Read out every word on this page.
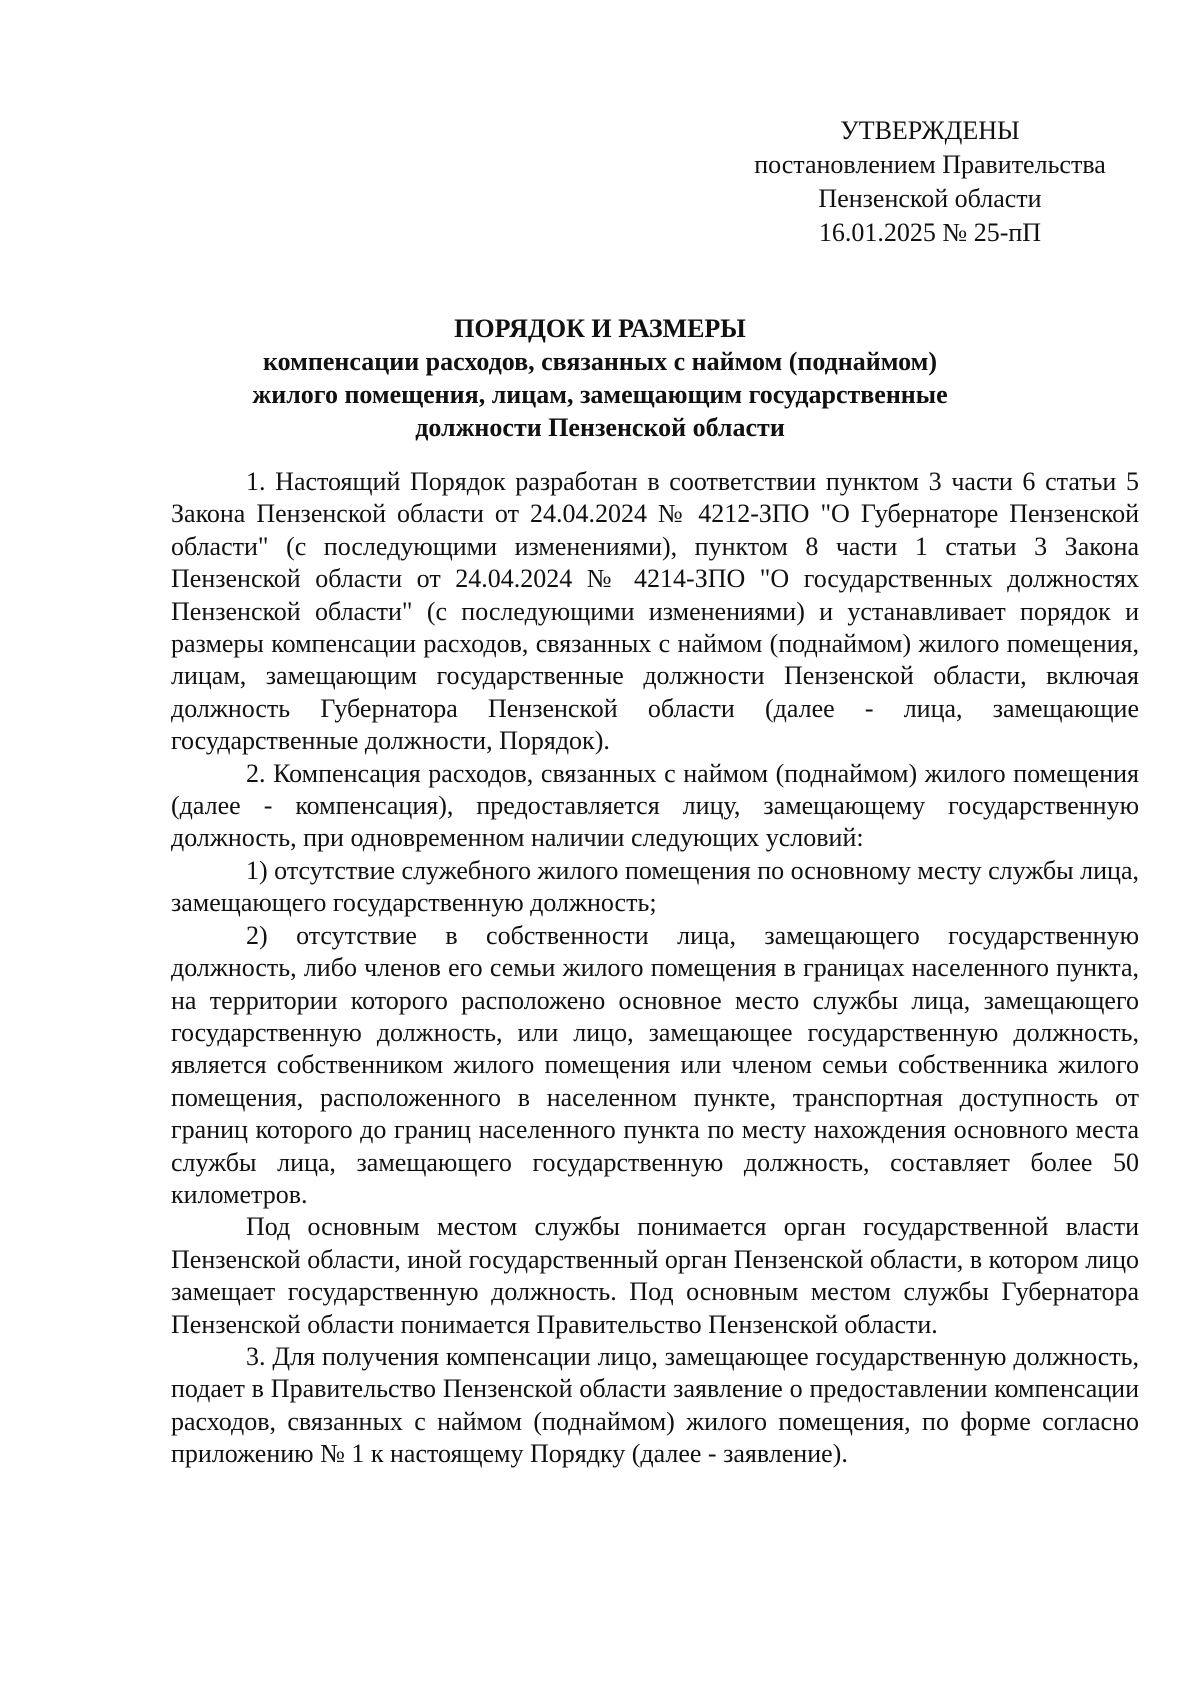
УТВЕРЖДЕНЫ
постановлением Правительства
Пензенской области
16.01.2025 № 25-пП
ПОРЯДОК И РАЗМЕРЫ
компенсации расходов, связанных с наймом (поднаймом)
жилого помещения, лицам, замещающим государственные
должности Пензенской области

1. Настоящий Порядок разработан в соответствии пунктом 3 части 6 статьи 5 Закона Пензенской области от 24.04.2024 № 4212-ЗПО "О Губернаторе Пензенской области" (с последующими изменениями), пунктом 8 части 1 статьи 3 Закона Пензенской области от 24.04.2024 № 4214-ЗПО "О государственных должностях Пензенской области" (с последующими изменениями) и устанавливает порядок и размеры компенсации расходов, связанных с наймом (поднаймом) жилого помещения, лицам, замещающим государственные должности Пензенской области, включая должность Губернатора Пензенской области (далее - лица, замещающие государственные должности, Порядок).

2. Компенсация расходов, связанных с наймом (поднаймом) жилого помещения (далее - компенсация), предоставляется лицу, замещающему государственную должность, при одновременном наличии следующих условий:

1) отсутствие служебного жилого помещения по основному месту службы лица, замещающего государственную должность;

2) отсутствие в собственности лица, замещающего государственную должность, либо членов его семьи жилого помещения в границах населенного пункта, на территории которого расположено основное место службы лица, замещающего государственную должность, или лицо, замещающее государственную должность, является собственником жилого помещения или членом семьи собственника жилого помещения, расположенного в населенном пункте, транспортная доступность от границ которого до границ населенного пункта по месту нахождения основного места службы лица, замещающего государственную должность, составляет более 50 километров.

Под основным местом службы понимается орган государственной власти Пензенской области, иной государственный орган Пензенской области, в котором лицо замещает государственную должность. Под основным местом службы Губернатора Пензенской области понимается Правительство Пензенской области.

3. Для получения компенсации лицо, замещающее государственную должность, подает в Правительство Пензенской области заявление о предоставлении компенсации расходов, связанных с наймом (поднаймом) жилого помещения, по форме согласно приложению № 1 к настоящему Порядку (далее - заявление).
